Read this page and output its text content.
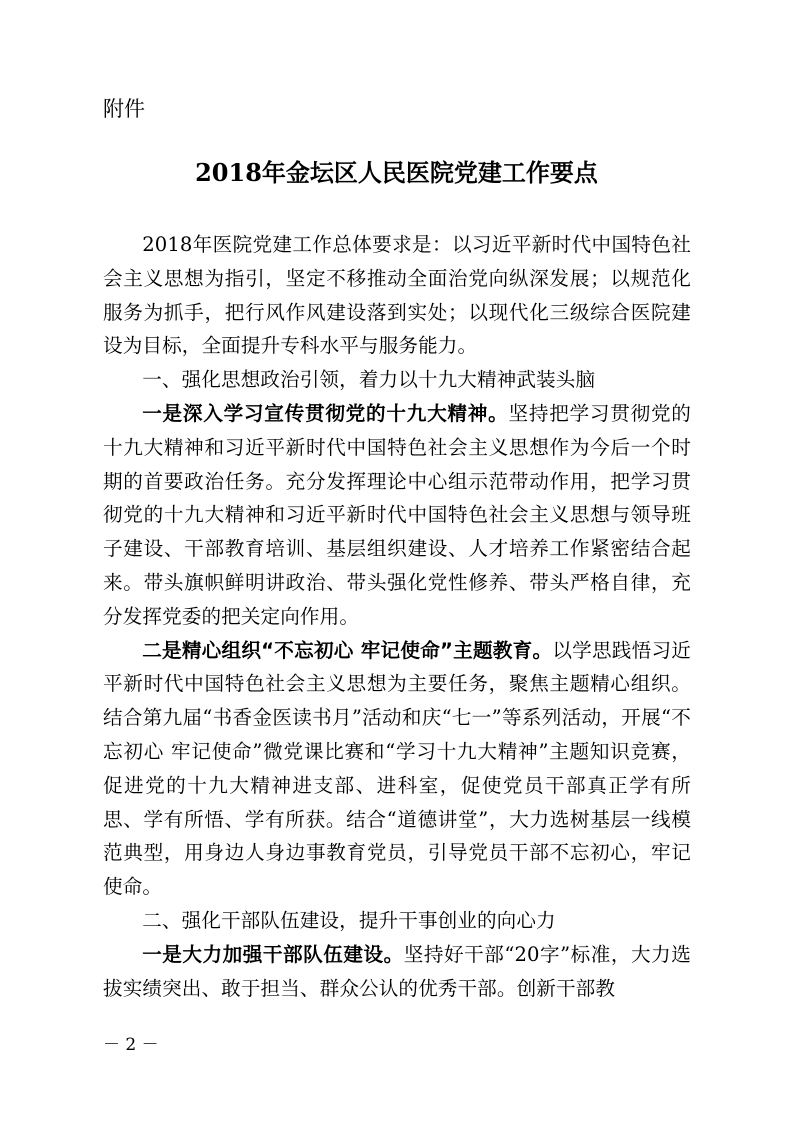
附件
2018年金坛区人民医院党建工作要点

2018年医院党建工作总体要求是：以习近平新时代中国特色社会主义思想为指引，坚定不移推动全面治党向纵深发展；以规范化服务为抓手，把行风作风建设落到实处；以现代化三级综合医院建设为目标，全面提升专科水平与服务能力。

一、强化思想政治引领，着力以十九大精神武装头脑

一是深入学习宣传贯彻党的十九大精神。坚持把学习贯彻党的十九大精神和习近平新时代中国特色社会主义思想作为今后一个时期的首要政治任务。充分发挥理论中心组示范带动作用，把学习贯彻党的十九大精神和习近平新时代中国特色社会主义思想与领导班子建设、干部教育培训、基层组织建设、人才培养工作紧密结合起来。带头旗帜鲜明讲政治、带头强化党性修养、带头严格自律，充分发挥党委的把关定向作用。

二是精心组织“不忘初心 牢记使命”主题教育。以学思践悟习近平新时代中国特色社会主义思想为主要任务，聚焦主题精心组织。结合第九届“书香金医读书月”活动和庆“七一”等系列活动，开展“不忘初心 牢记使命”微党课比赛和“学习十九大精神”主题知识竞赛，促进党的十九大精神进支部、进科室，促使党员干部真正学有所思、学有所悟、学有所获。结合“道德讲堂”，大力选树基层一线模范典型，用身边人身边事教育党员，引导党员干部不忘初心，牢记使命。

二、强化干部队伍建设，提升干事创业的向心力

一是大力加强干部队伍建设。坚持好干部“20字”标准，大力选拔实绩突出、敢于担当、群众公认的优秀干部。创新干部教

－ 2 －
